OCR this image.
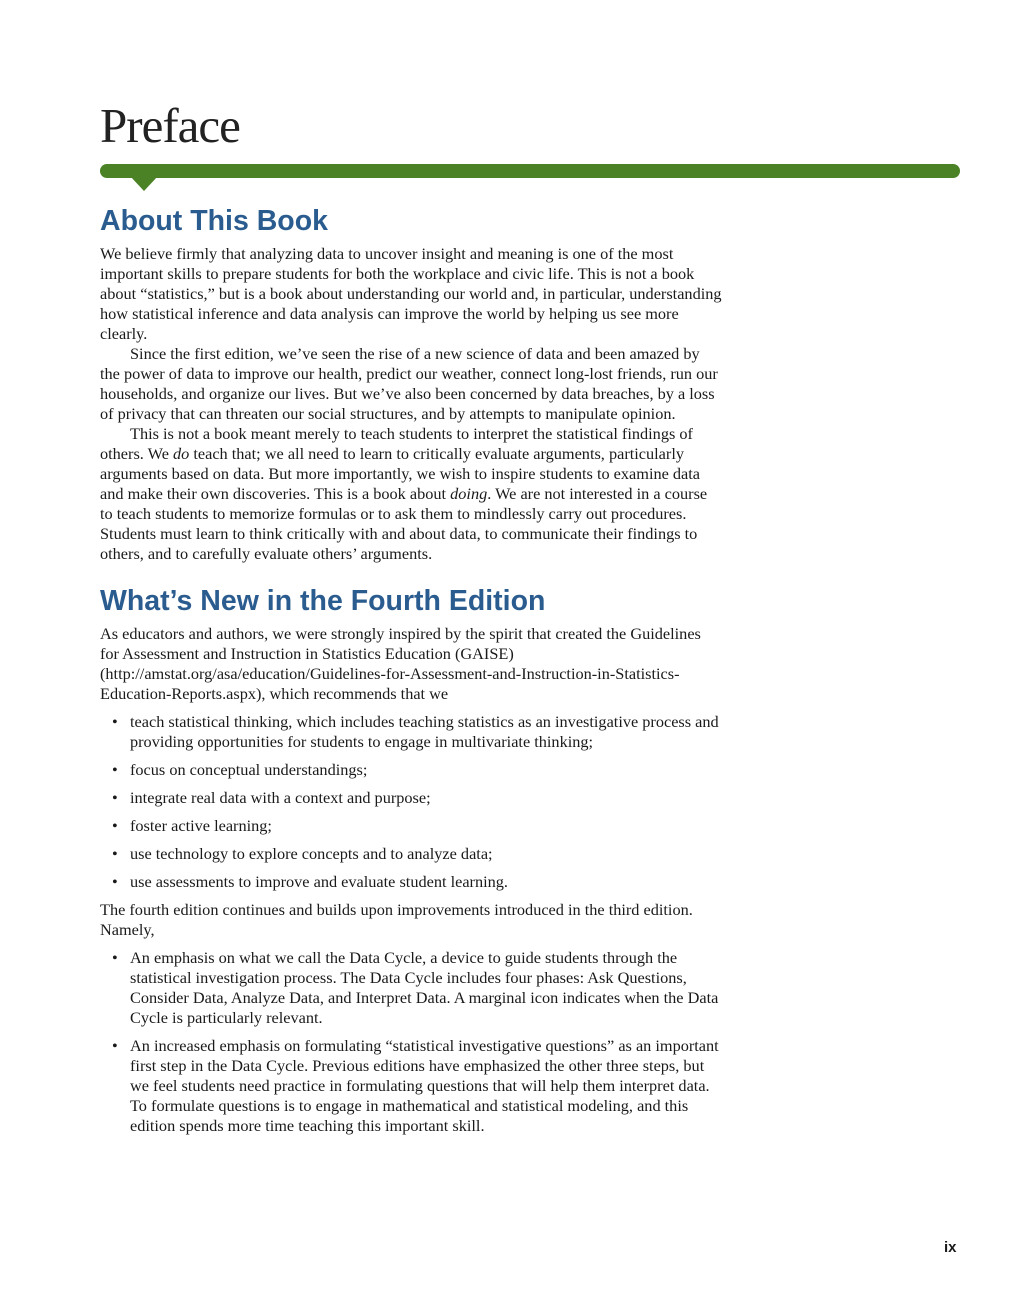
Preface
About This Book

We believe firmly that analyzing data to uncover insight and meaning is one of the most important skills to prepare students for both the workplace and civic life. This is not a book about “statistics,” but is a book about understanding our world and, in particular, understanding how statistical inference and data analysis can improve the world by helping us see more clearly.

Since the first edition, we’ve seen the rise of a new science of data and been amazed by the power of data to improve our health, predict our weather, connect long-lost friends, run our households, and organize our lives. But we’ve also been concerned by data breaches, by a loss of privacy that can threaten our social structures, and by attempts to manipulate opinion.

This is not a book meant merely to teach students to interpret the statistical findings of others. We do teach that; we all need to learn to critically evaluate arguments, particularly arguments based on data. But more importantly, we wish to inspire students to examine data and make their own discoveries. This is a book about doing. We are not interested in a course to teach students to memorize formulas or to ask them to mindlessly carry out procedures. Students must learn to think critically with and about data, to communicate their findings to others, and to carefully evaluate others’ arguments.

What’s New in the Fourth Edition

As educators and authors, we were strongly inspired by the spirit that created the Guidelines for Assessment and Instruction in Statistics Education (GAISE) (http://amstat.org/asa/education/Guidelines-for-Assessment-and-Instruction-in-Statistics-Education-Reports.aspx), which recommends that we

• teach statistical thinking, which includes teaching statistics as an investigative process and providing opportunities for students to engage in multivariate thinking;
• focus on conceptual understandings;
• integrate real data with a context and purpose;
• foster active learning;
• use technology to explore concepts and to analyze data;
• use assessments to improve and evaluate student learning.

The fourth edition continues and builds upon improvements introduced in the third edition. Namely,

• An emphasis on what we call the Data Cycle, a device to guide students through the statistical investigation process. The Data Cycle includes four phases: Ask Questions, Consider Data, Analyze Data, and Interpret Data. A marginal icon indicates when the Data Cycle is particularly relevant.
• An increased emphasis on formulating “statistical investigative questions” as an important first step in the Data Cycle. Previous editions have emphasized the other three steps, but we feel students need practice in formulating questions that will help them interpret data. To formulate questions is to engage in mathematical and statistical modeling, and this edition spends more time teaching this important skill.
ix
